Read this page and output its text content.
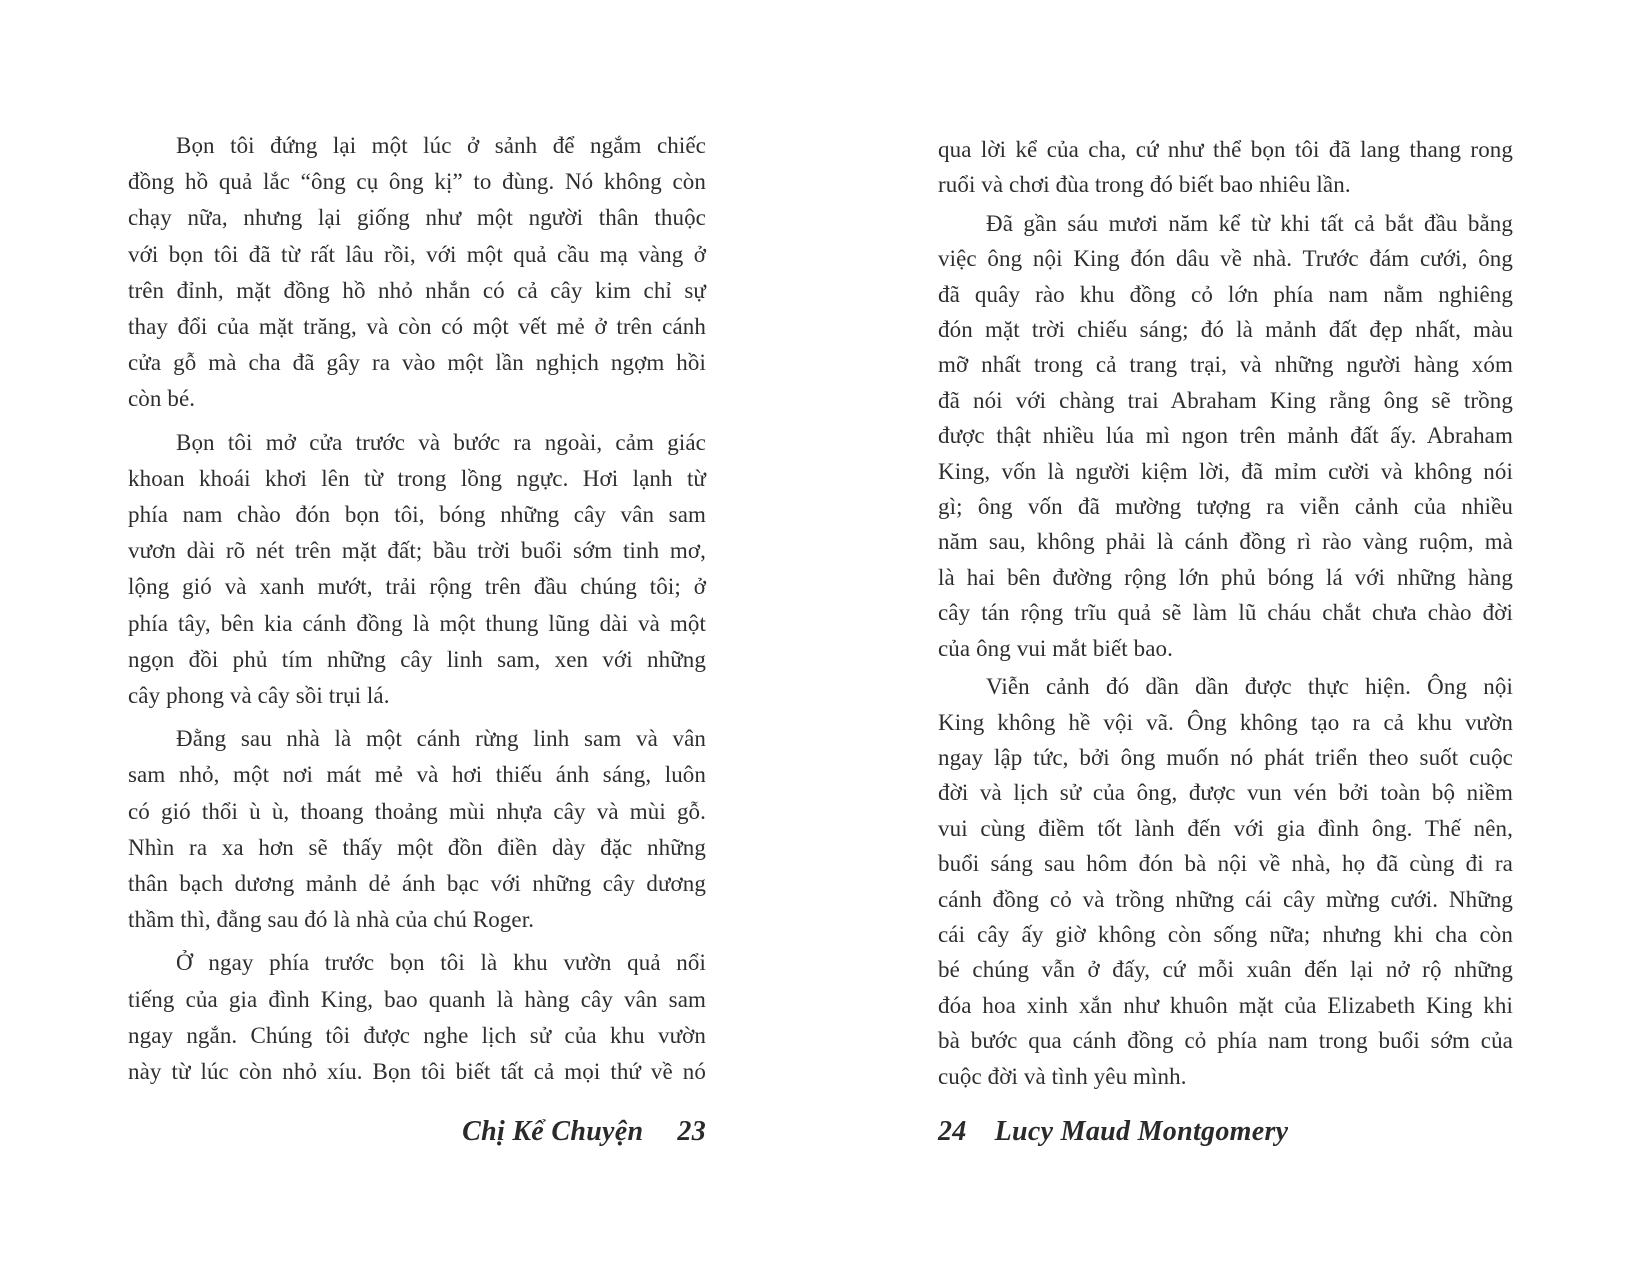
Bọn tôi đứng lại một lúc ở sảnh để ngắm chiếc
đồng hồ quả lắc “ông cụ ông kị” to đùng. Nó không còn
chạy nữa, nhưng lại giống như một người thân thuộc
với bọn tôi đã từ rất lâu rồi, với một quả cầu mạ vàng ở
trên đỉnh, mặt đồng hồ nhỏ nhắn có cả cây kim chỉ sự
thay đổi của mặt trăng, và còn có một vết mẻ ở trên cánh
cửa gỗ mà cha đã gây ra vào một lần nghịch ngợm hồi
còn bé.
Bọn tôi mở cửa trước và bước ra ngoài, cảm giác
khoan khoái khơi lên từ trong lồng ngực. Hơi lạnh từ
phía nam chào đón bọn tôi, bóng những cây vân sam
vươn dài rõ nét trên mặt đất; bầu trời buổi sớm tinh mơ,
lộng gió và xanh mướt, trải rộng trên đầu chúng tôi; ở
phía tây, bên kia cánh đồng là một thung lũng dài và một
ngọn đồi phủ tím những cây linh sam, xen với những
cây phong và cây sồi trụi lá.
Đằng sau nhà là một cánh rừng linh sam và vân
sam nhỏ, một nơi mát mẻ và hơi thiếu ánh sáng, luôn
có gió thổi ù ù, thoang thoảng mùi nhựa cây và mùi gỗ.
Nhìn ra xa hơn sẽ thấy một đồn điền dày đặc những
thân bạch dương mảnh dẻ ánh bạc với những cây dương
thầm thì, đằng sau đó là nhà của chú Roger.
Ở ngay phía trước bọn tôi là khu vườn quả nổi
tiếng của gia đình King, bao quanh là hàng cây vân sam
ngay ngắn. Chúng tôi được nghe lịch sử của khu vườn
này từ lúc còn nhỏ xíu. Bọn tôi biết tất cả mọi thứ về nó
qua lời kể của cha, cứ như thể bọn tôi đã lang thang rong
ruổi và chơi đùa trong đó biết bao nhiêu lần.
Đã gần sáu mươi năm kể từ khi tất cả bắt đầu bằng
việc ông nội King đón dâu về nhà. Trước đám cưới, ông
đã quây rào khu đồng cỏ lớn phía nam nằm nghiêng
đón mặt trời chiếu sáng; đó là mảnh đất đẹp nhất, màu
mỡ nhất trong cả trang trại, và những người hàng xóm
đã nói với chàng trai Abraham King rằng ông sẽ trồng
được thật nhiều lúa mì ngon trên mảnh đất ấy. Abraham
King, vốn là người kiệm lời, đã mỉm cười và không nói
gì; ông vốn đã mường tượng ra viễn cảnh của nhiều
năm sau, không phải là cánh đồng rì rào vàng ruộm, mà
là hai bên đường rộng lớn phủ bóng lá với những hàng
cây tán rộng trĩu quả sẽ làm lũ cháu chắt chưa chào đời
của ông vui mắt biết bao.
Viễn cảnh đó dần dần được thực hiện. Ông nội
King không hề vội vã. Ông không tạo ra cả khu vườn
ngay lập tức, bởi ông muốn nó phát triển theo suốt cuộc
đời và lịch sử của ông, được vun vén bởi toàn bộ niềm
vui cùng điềm tốt lành đến với gia đình ông. Thế nên,
buổi sáng sau hôm đón bà nội về nhà, họ đã cùng đi ra
cánh đồng cỏ và trồng những cái cây mừng cưới. Những
cái cây ấy giờ không còn sống nữa; nhưng khi cha còn
bé chúng vẫn ở đấy, cứ mỗi xuân đến lại nở rộ những
đóa hoa xinh xắn như khuôn mặt của Elizabeth King khi
bà bước qua cánh đồng cỏ phía nam trong buổi sớm của
cuộc đời và tình yêu mình.
Chị Kể Chuyện 23	24 Lucy Maud Montgomery
